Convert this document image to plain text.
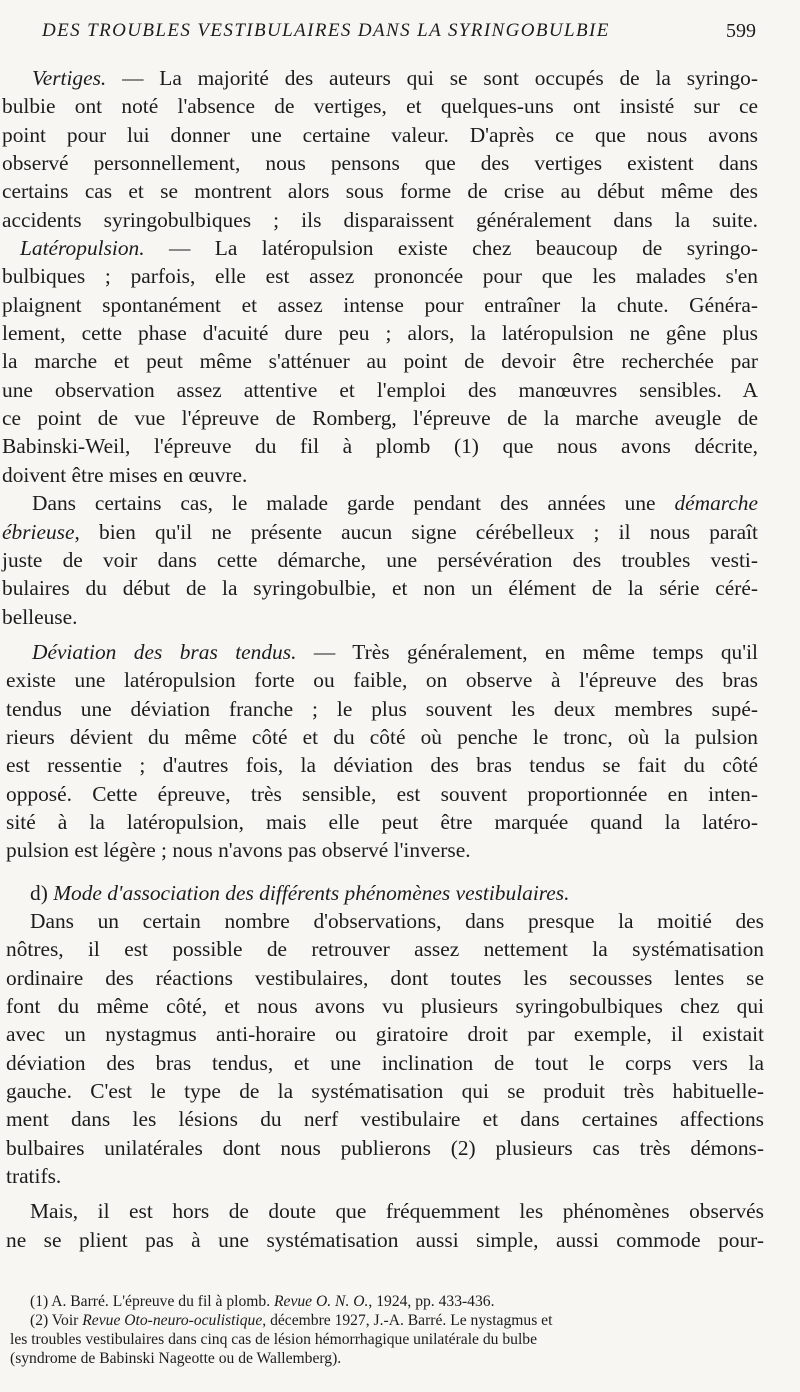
DES TROUBLES VESTIBULAIRES DANS LA SYRINGOBULBIE	599
Vertiges. — La majorité des auteurs qui se sont occupés de la syringo-
bulbie ont noté l'absence de vertiges, et quelques-uns ont insisté sur ce
point pour lui donner une certaine valeur. D'après ce que nous avons
observé personnellement, nous pensons que des vertiges existent dans
certains cas et se montrent alors sous forme de crise au début même des
accidents syringobulbiques ; ils disparaissent généralement dans la suite.
Latéropulsion. — La latéropulsion existe chez beaucoup de syringo-
bulbiques ; parfois, elle est assez prononcée pour que les malades s'en
plaignent spontanément et assez intense pour entraîner la chute. Généra-
lement, cette phase d'acuité dure peu ; alors, la latéropulsion ne gêne plus
la marche et peut même s'atténuer au point de devoir être recherchée par
une observation assez attentive et l'emploi des manœuvres sensibles. A
ce point de vue l'épreuve de Romberg, l'épreuve de la marche aveugle de
Babinski-Weil, l'épreuve du fil à plomb (1) que nous avons décrite,
doivent être mises en œuvre.
Dans certains cas, le malade garde pendant des années une démarche
ébrieuse, bien qu'il ne présente aucun signe cérébelleux ; il nous paraît
juste de voir dans cette démarche, une persévération des troubles vesti-
bulaires du début de la syringobulbie, et non un élément de la série céré-
belleuse.
Déviation des bras tendus. — Très généralement, en même temps qu'il
existe une latéropulsion forte ou faible, on observe à l'épreuve des bras
tendus une déviation franche ; le plus souvent les deux membres supé-
rieurs dévient du même côté et du côté où penche le tronc, où la pulsion
est ressentie ; d'autres fois, la déviation des bras tendus se fait du côté
opposé. Cette épreuve, très sensible, est souvent proportionnée en inten-
sité à la latéropulsion, mais elle peut être marquée quand la latéro-
pulsion est légère ; nous n'avons pas observé l'inverse.
d) Mode d'association des différents phénomènes vestibulaires.
Dans un certain nombre d'observations, dans presque la moitié des
nôtres, il est possible de retrouver assez nettement la systématisation
ordinaire des réactions vestibulaires, dont toutes les secousses lentes se
font du même côté, et nous avons vu plusieurs syringobulbiques chez qui
avec un nystagmus anti-horaire ou giratoire droit par exemple, il existait
déviation des bras tendus, et une inclination de tout le corps vers la
gauche. C'est le type de la systématisation qui se produit très habituelle-
ment dans les lésions du nerf vestibulaire et dans certaines affections
bulbaires unilatérales dont nous publierons (2) plusieurs cas très démons-
tratifs.
Mais, il est hors de doute que fréquemment les phénomènes observés
ne se plient pas à une systématisation aussi simple, aussi commode pour-
(1) A. Barré. L'épreuve du fil à plomb. Revue O. N. O., 1924, pp. 433-436.
(2) Voir Revue Oto-neuro-oculistique, décembre 1927, J.-A. Barré. Le nystagmus et
les troubles vestibulaires dans cinq cas de lésion hémorrhagique unilatérale du bulbe
(syndrome de Babinski Nageotte ou de Wallemberg).
